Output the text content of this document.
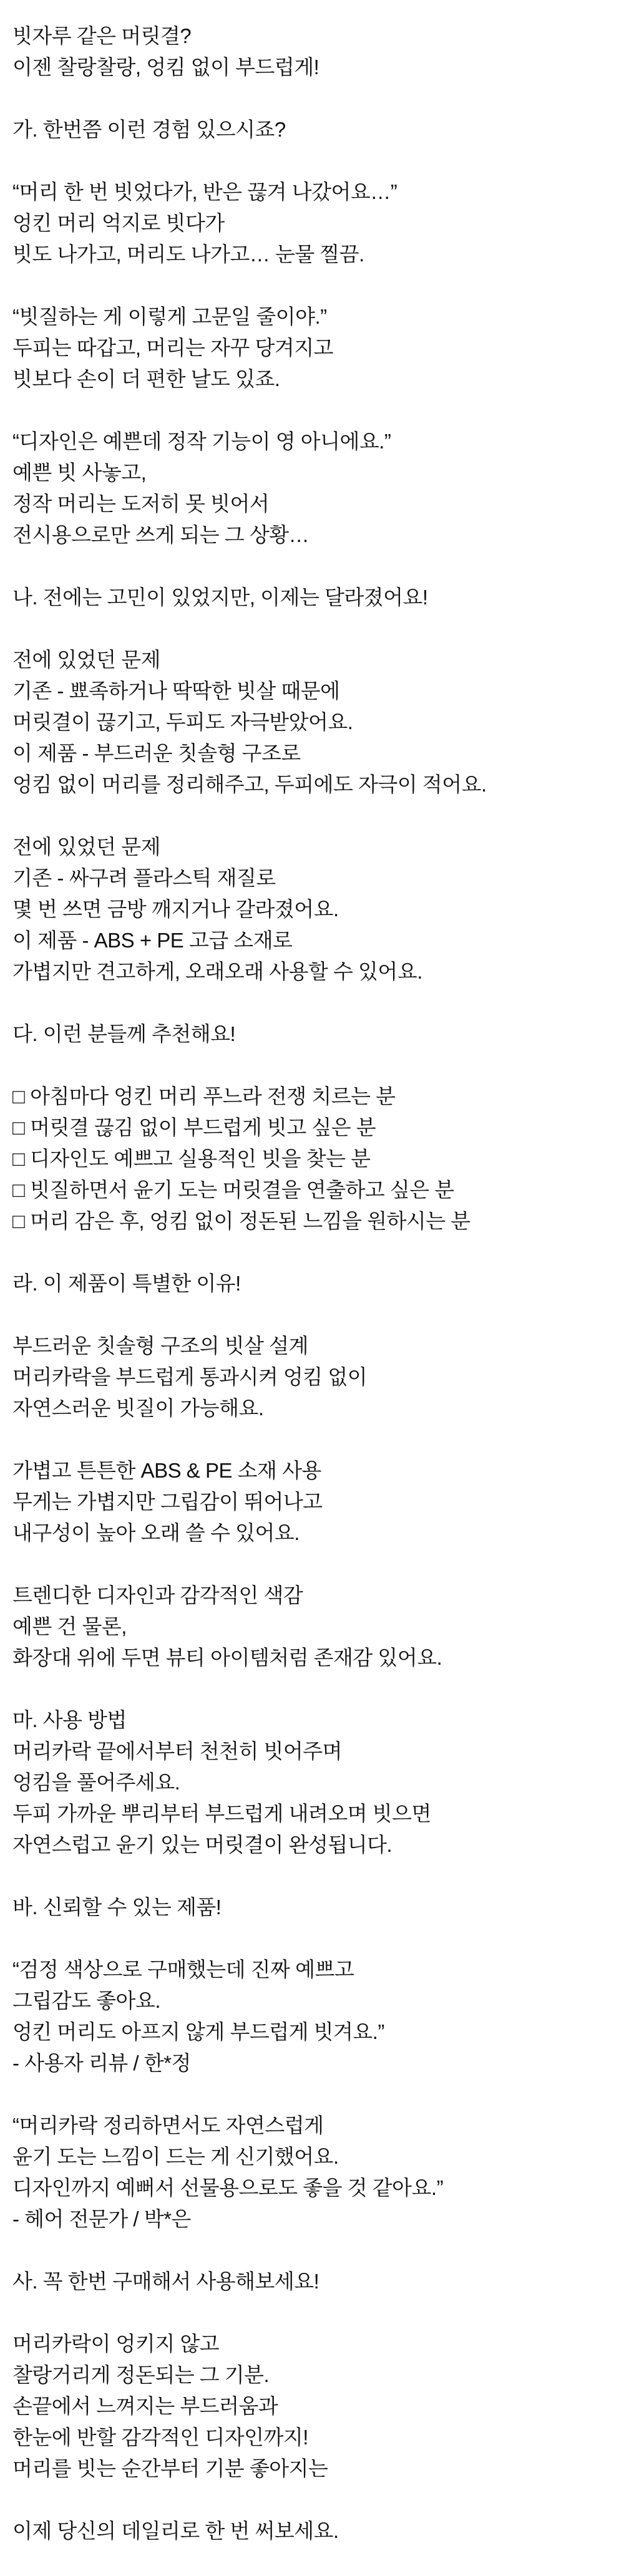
빗자루 같은 머릿결?
이젠 찰랑찰랑, 엉킴 없이 부드럽게!
가. 한번쯤 이런 경험 있으시죠?
“머리 한 번 빗었다가, 반은 끊겨 나갔어요…”
엉킨 머리 억지로 빗다가
빗도 나가고, 머리도 나가고… 눈물 찔끔.
“빗질하는 게 이렇게 고문일 줄이야.”
두피는 따갑고, 머리는 자꾸 당겨지고
빗보다 손이 더 편한 날도 있죠.
“디자인은 예쁜데 정작 기능이 영 아니에요.”
예쁜 빗 사놓고,
정작 머리는 도저히 못 빗어서
전시용으로만 쓰게 되는 그 상황…
나. 전에는 고민이 있었지만, 이제는 달라졌어요!
전에 있었던 문제
기존 - 뾰족하거나 딱딱한 빗살 때문에
머릿결이 끊기고, 두피도 자극받았어요.
이 제품 - 부드러운 칫솔형 구조로
엉킴 없이 머리를 정리해주고, 두피에도 자극이 적어요.
전에 있었던 문제
기존 - 싸구려 플라스틱 재질로
몇 번 쓰면 금방 깨지거나 갈라졌어요.
이 제품 - ABS + PE 고급 소재로
가볍지만 견고하게, 오래오래 사용할 수 있어요.
다. 이런 분들께 추천해요!
□ 아침마다 엉킨 머리 푸느라 전쟁 치르는 분
□ 머릿결 끊김 없이 부드럽게 빗고 싶은 분
□ 디자인도 예쁘고 실용적인 빗을 찾는 분
□ 빗질하면서 윤기 도는 머릿결을 연출하고 싶은 분
□ 머리 감은 후, 엉킴 없이 정돈된 느낌을 원하시는 분
라. 이 제품이 특별한 이유!
부드러운 칫솔형 구조의 빗살 설계
머리카락을 부드럽게 통과시켜 엉킴 없이
자연스러운 빗질이 가능해요.
가볍고 튼튼한 ABS & PE 소재 사용
무게는 가볍지만 그립감이 뛰어나고
내구성이 높아 오래 쓸 수 있어요.
트렌디한 디자인과 감각적인 색감
예쁜 건 물론,
화장대 위에 두면 뷰티 아이템처럼 존재감 있어요.
마. 사용 방법
머리카락 끝에서부터 천천히 빗어주며
엉킴을 풀어주세요.
두피 가까운 뿌리부터 부드럽게 내려오며 빗으면
자연스럽고 윤기 있는 머릿결이 완성됩니다.
바. 신뢰할 수 있는 제품!
“검정 색상으로 구매했는데 진짜 예쁘고
그립감도 좋아요.
엉킨 머리도 아프지 않게 부드럽게 빗겨요.”
- 사용자 리뷰 / 한*정
“머리카락 정리하면서도 자연스럽게
윤기 도는 느낌이 드는 게 신기했어요.
디자인까지 예뻐서 선물용으로도 좋을 것 같아요.”
- 헤어 전문가 / 박*은
사. 꼭 한번 구매해서 사용해보세요!
머리카락이 엉키지 않고
찰랑거리게 정돈되는 그 기분.
손끝에서 느껴지는 부드러움과
한눈에 반할 감각적인 디자인까지!
머리를 빗는 순간부터 기분 좋아지는
이제 당신의 데일리로 한 번 써보세요.
